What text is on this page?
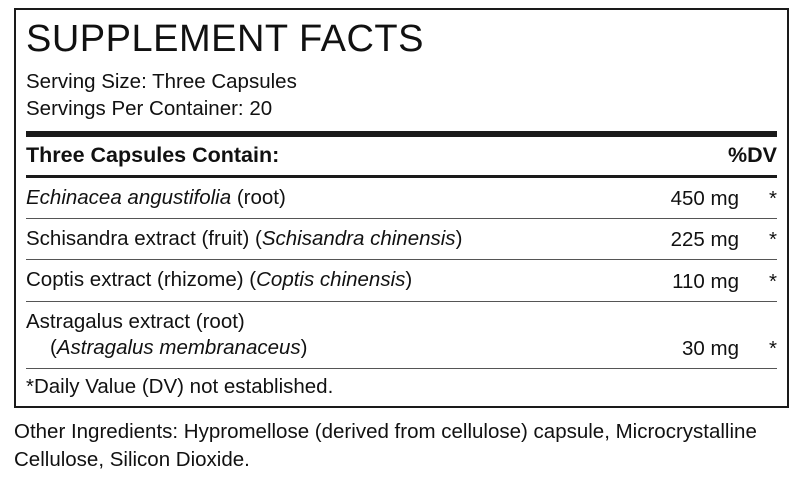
SUPPLEMENT FACTS
Serving Size: Three Capsules
Servings Per Container: 20
Three Capsules Contain:	%DV
Echinacea angustifolia (root)	450 mg	*
Schisandra extract (fruit) (Schisandra chinensis)	225 mg	*
Coptis extract (rhizome) (Coptis chinensis)	110 mg	*
Astragalus extract (root)
(Astragalus membranaceus)	30 mg	*
*Daily Value (DV) not established.
Other Ingredients: Hypromellose (derived from cellulose) capsule, Microcrystalline Cellulose, Silicon Dioxide.
